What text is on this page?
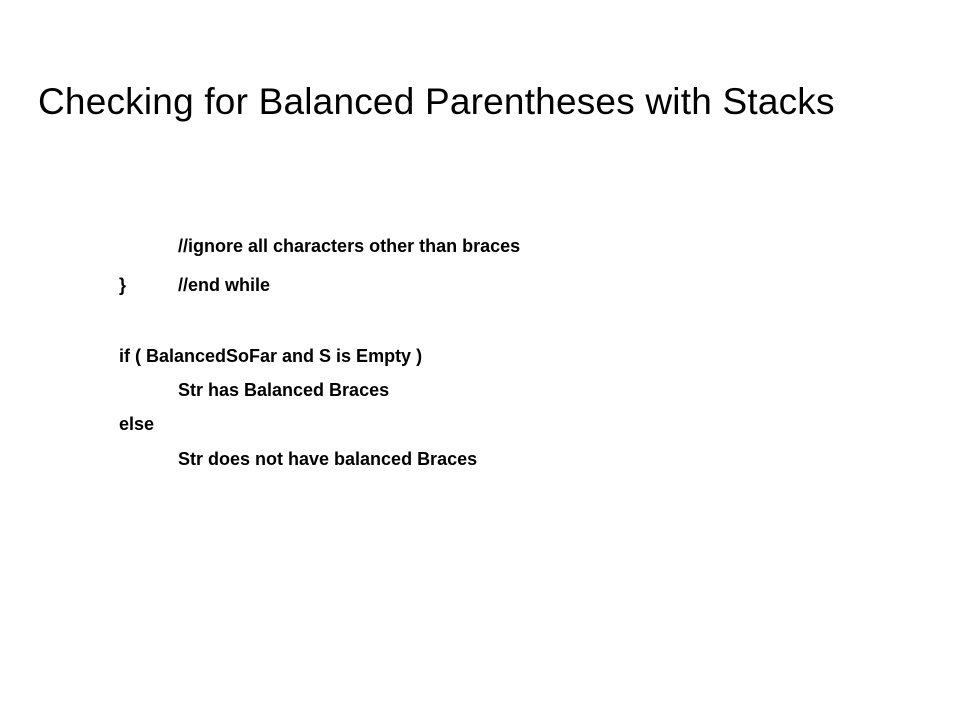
Checking for Balanced Parentheses with Stacks
//ignore all characters other than braces
}	//end while
if ( BalancedSoFar and S is Empty )
Str has Balanced Braces
else
Str does not have balanced Braces
